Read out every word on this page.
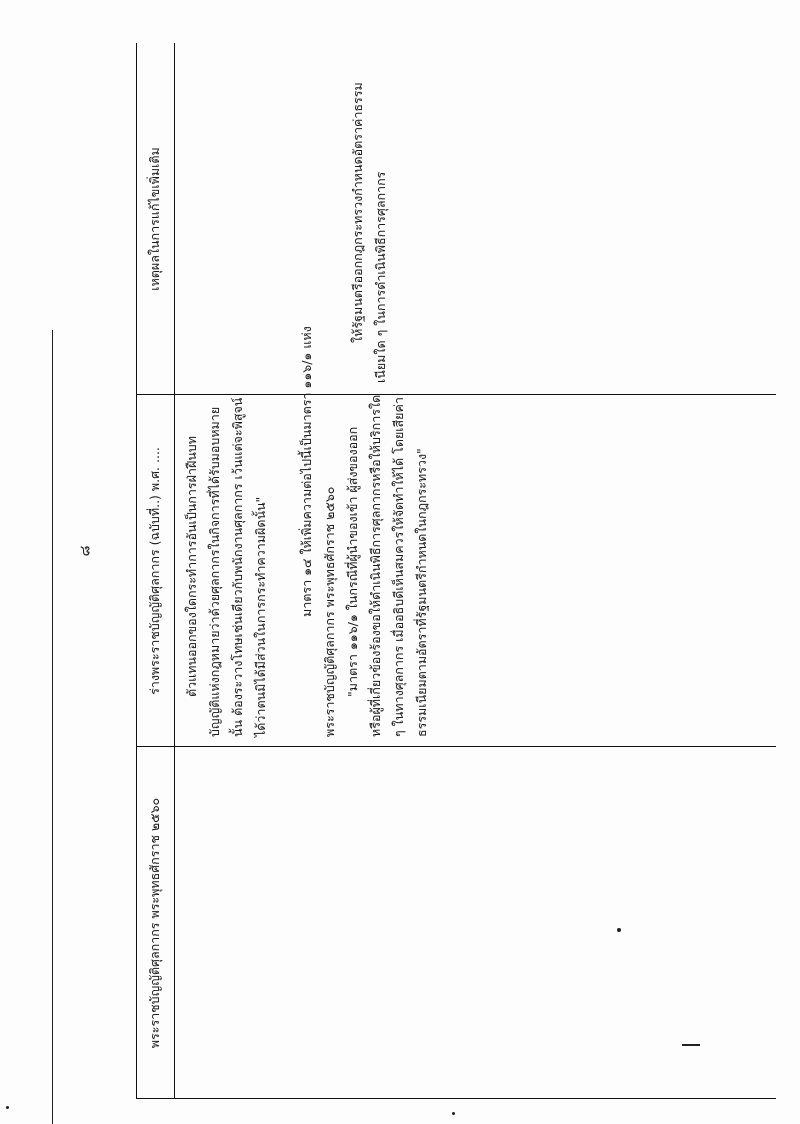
๘
พระราชบัญญัติศุลกากร พระพุทธศักราช ๒๕๖๐
ร่างพระราชบัญญัติศุลกากร (ฉบับที่..) พ.ศ. ....
เหตุผลในการแก้ไขเพิ่มเติม

ตัวแทนออกของใดกระทำการอันเป็นการฝ่าฝืนบท บัญญัติแห่งกฎหมายว่าด้วยศุลกากรในกิจการที่ได้รับมอบหมาย นั้น ต้องระวางโทษเช่นเดียวกับพนักงานศุลกากร เว้นแต่จะพิสูจน์ ได้ว่าตนมิได้มีส่วนในการกระทำความผิดนั้น"	มาตรา ๑๔ ให้เพิ่มความต่อไปนี้เป็นมาตรา ๑๑๖/๑ แห่ง พระราชบัญญัติศุลกากร พระพุทธศักราช ๒๕๖๐ "มาตรา ๑๑๖/๑ ในกรณีที่ผู้นำของเข้า ผู้ส่งของออก หรือผู้ที่เกี่ยวข้องร้องขอให้ดำเนินพิธีการศุลกากรหรือให้บริการใด ๆ ในทางศุลกากร เมื่ออธิบดีเห็นสมควรให้จัดทำให้ได้ โดยเสียค่า ธรรมเนียมตามอัตราที่รัฐมนตรีกำหนดในกฎกระทรวง"

ให้รัฐมนตรีออกกฎกระทรวงกำหนดอัตราค่าธรรม เนียมใด ๆ ในการดำเนินพิธีการศุลกากร
